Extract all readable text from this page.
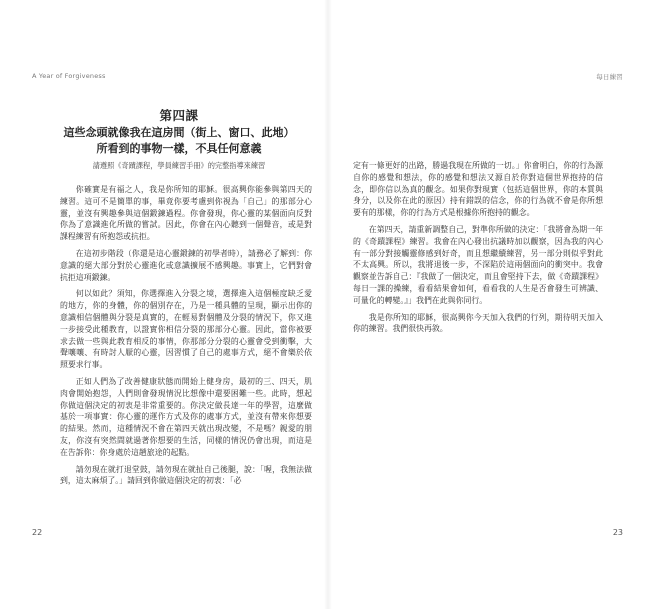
A Year of Forgiveness
第四課
這些念頭就像我在這房間（街上、窗口、此地）
所看到的事物一樣，不具任何意義
請遵照《奇蹟課程，學員練習手冊》的完整指導來練習

你確實是有福之人，我是你所知的耶穌。很高興你能參與第四天的練習。這可不是簡單的事，畢竟你要考慮到你視為「自己」的那部分心靈，並沒有興趣參與這個鍛鍊過程。你會發現，你心靈的某個面向反對你為了意識進化所做的嘗試。因此，你會在內心聽到一個聲音，或是對課程練習有所抱怨或抗拒。

在這初步階段（你還是這心靈鍛鍊的初學者時），請務必了解到：你意識的絕大部分對於心靈進化或意識擴展不感興趣。事實上，它們對會抗拒這項鍛鍊。

何以如此？須知，你選擇進入分裂之境，選擇進入這個極度缺乏愛的地方，你的身體，你的個別存在，乃是一種具體的呈現，顯示出你的意識相信個體與分裂是真實的，在輕易對個體及分裂的情況下，你又進一步接受此種教育，以證實你相信分裂的那部分心靈。因此，當你被要求去做一些與此教育相反的事情，你那部分分裂的心靈會受到衝擊，大聲嚷嚷、有時討人厭的心靈，因習慣了自己的處事方式，絕不會樂於依照要求行事。

正如人們為了改善健康狀態而開始上健身房，最初的三、四天，肌肉會開始抱怨，人們則會發現情況比想像中還要困難一些。此時，想起你做這個決定的初衷是非常重要的。你決定做長達一年的學習，這麼做基於一項事實：你心靈的運作方式及你的處事方式，並沒有帶來你想要的結果。然而，這種情況不會在第四天就出現改變，不是嗎？親愛的朋友，你沒有突然間就過著你想要的生活，同樣的情況仍會出現，而這是在告訴你：你身處於這趟旅途的起點。

請勿現在就打退堂鼓，請勿現在就扯自己後腿，說：「喔，我無法做到，這太麻煩了。」請回到你做這個決定的初衷：「必

22
每日練習

定有一條更好的出路，勝過我現在所做的一切。」你會明白，你的行為源自你的感覺和想法，你的感覺和想法又源自於你對這個世界抱持的信念，即你信以為真的觀念。如果你對現實（包括這個世界，你的本質與身分，以及你在此的原因）持有錯誤的信念，你的行為就不會是你所想要有的那樣，你的行為方式是根據你所抱持的觀念。

在第四天，請重新調整自己，對準你所做的決定：「我將會為期一年的《奇蹟課程》練習。我會在內心發出抗議時加以觀察，因為我的內心有一部分對接觸靈修感到好奇，而且想繼續練習，另一部分則似乎對此不太高興。所以，我將退後一步，不深陷於這兩個面向的衝突中。我會觀察並告訴自己：『我做了一個決定，而且會堅持下去，做《奇蹟課程》每日一課的操練，看看結果會如何，看看我的人生是否會發生可辨識、可量化的轉變。』」我們在此與你同行。

我是你所知的耶穌，很高興你今天加入我們的行列，期待明天加入你的練習。我們很快再敘。

23
